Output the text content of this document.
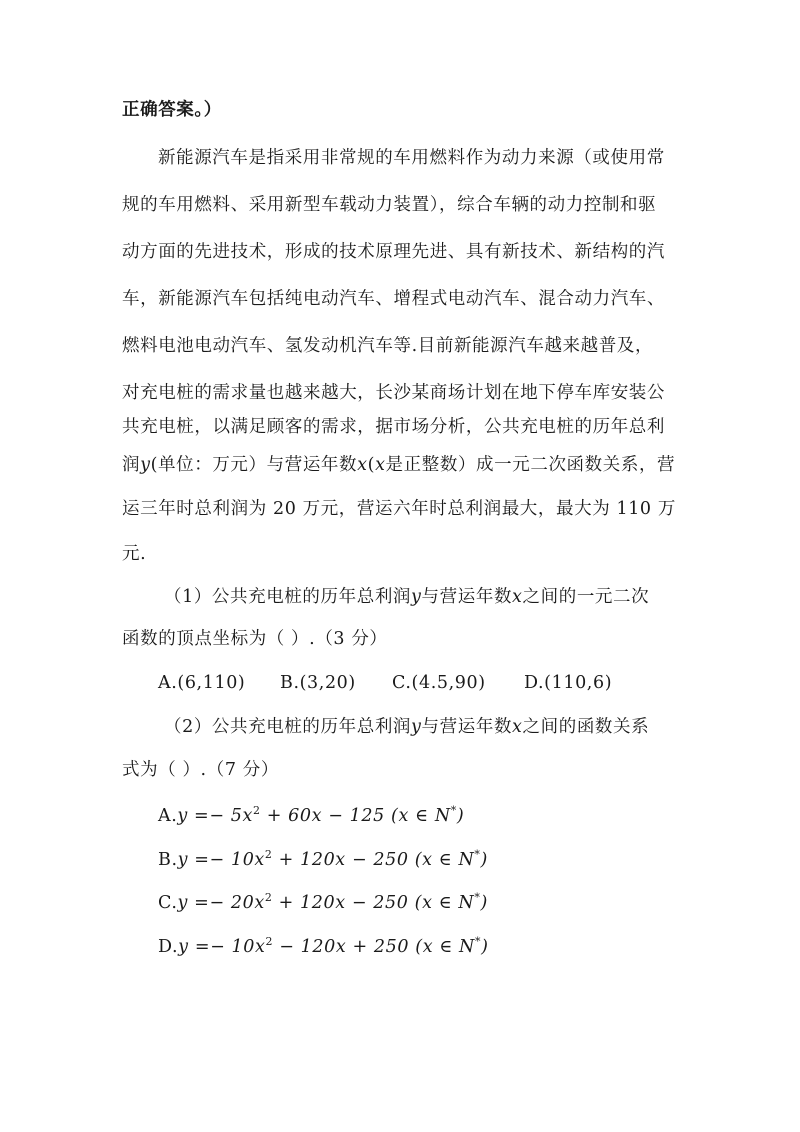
正确答案。）
新能源汽车是指采用非常规的车用燃料作为动力来源（或使用常
规的车用燃料、采用新型车载动力装置），综合车辆的动力控制和驱
动方面的先进技术，形成的技术原理先进、具有新技术、新结构的汽
车，新能源汽车包括纯电动汽车、增程式电动汽车、混合动力汽车、
燃料电池电动汽车、氢发动机汽车等.目前新能源汽车越来越普及，
对充电桩的需求量也越来越大，长沙某商场计划在地下停车库安装公
共充电桩，以满足顾客的需求，据市场分析，公共充电桩的历年总利
润y(单位：万元）与营运年数x(x是正整数）成一元二次函数关系，营
运三年时总利润为 20 万元，营运六年时总利润最大，最大为 110 万
元.
（1）公共充电桩的历年总利润y与营运年数x之间的一元二次
函数的顶点坐标为（ ）.（3 分）
A.(6,110) B.(3,20) C.(4.5,90) D.(110,6)
（2）公共充电桩的历年总利润y与营运年数x之间的函数关系
式为（ ）.（7 分）
$A.y =- 5x^2 + 60x - 125$ (x ∈ N*)
$B.y =- 10x^2 + 120x - 250$ (x ∈ N*)
$C.y =- 20x^2 + 120x - 250$ (x ∈ N*)
$D.y =- 10x^2 - 120x + 250$ (x ∈ N*)
